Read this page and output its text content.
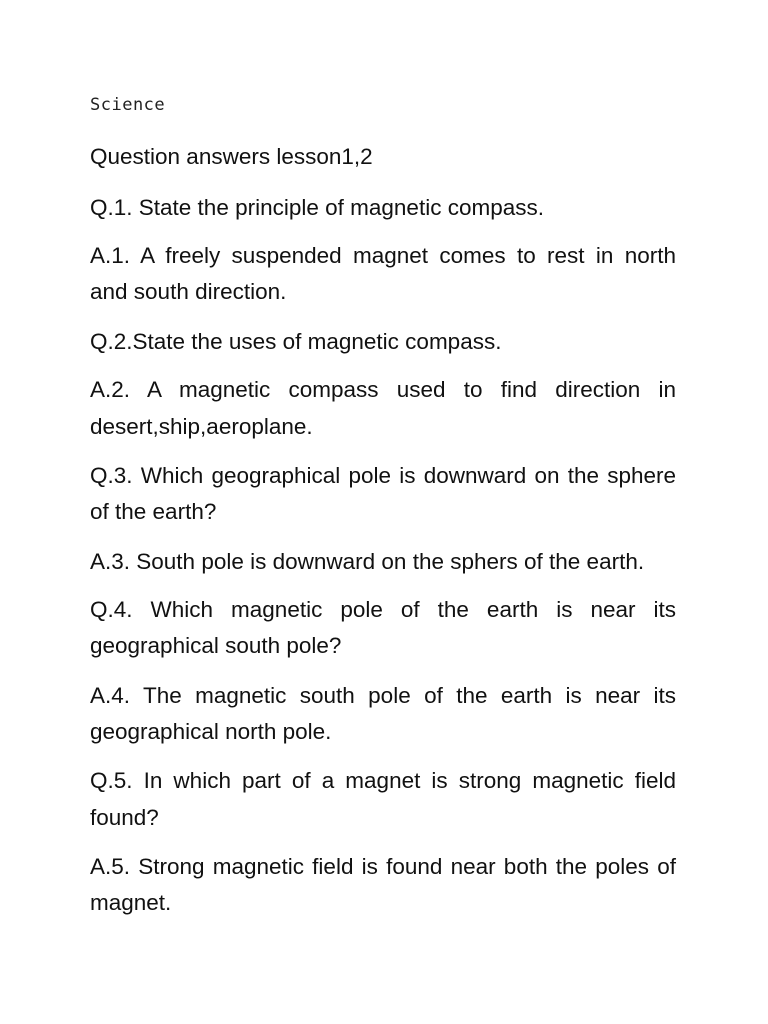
Science
Question answers lesson1,2
Q.1. State the principle of magnetic compass.
A.1. A freely suspended magnet comes to rest in north
and south direction.
Q.2.State the uses of magnetic compass.
A.2. A magnetic compass used to find direction in
desert,ship,aeroplane.
Q.3. Which geographical pole is downward on the sphere
of the earth?
A.3. South pole is downward on the sphers of the earth.
Q.4. Which magnetic pole of the earth is near its
geographical south pole?
A.4. The magnetic south pole of the earth is near its
geographical north pole.
Q.5. In which part of a magnet is strong magnetic field
found?
A.5. Strong magnetic field is found near both the poles of
magnet.
